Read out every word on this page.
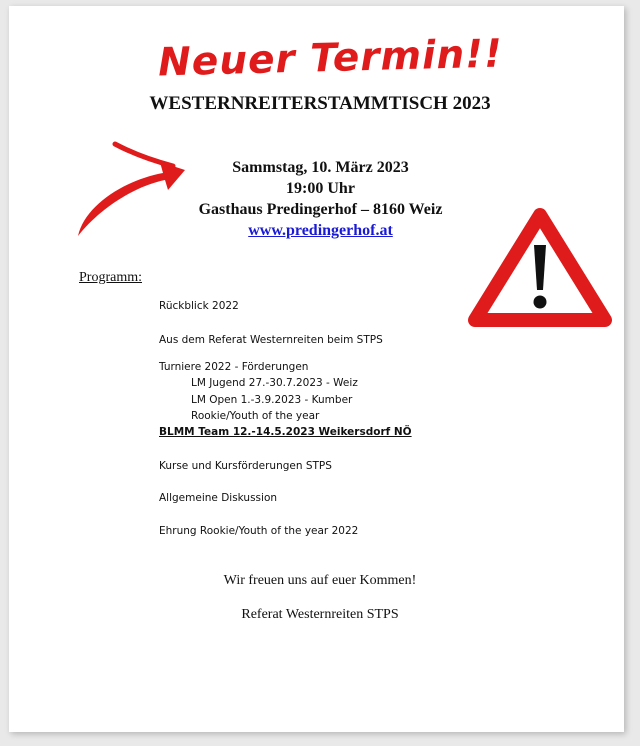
Neuer Termin!!
WESTERNREITERSTAMMTISCH 2023
Sammstag, 10. März 2023
19:00 Uhr
Gasthaus Predingerhof – 8160 Weiz
www.predingerhof.at
Programm:
Rückblick 2022
Aus dem Referat Westernreiten beim STPS
Turniere 2022 - Förderungen
LM Jugend 27.-30.7.2023 - Weiz
LM Open 1.-3.9.2023 - Kumber
Rookie/Youth of the year
BLMM Team 12.-14.5.2023 Weikersdorf NÖ
Kurse und Kursförderungen STPS
Allgemeine Diskussion
Ehrung Rookie/Youth of the year 2022
Wir freuen uns auf euer Kommen!
Referat Westernreiten STPS
